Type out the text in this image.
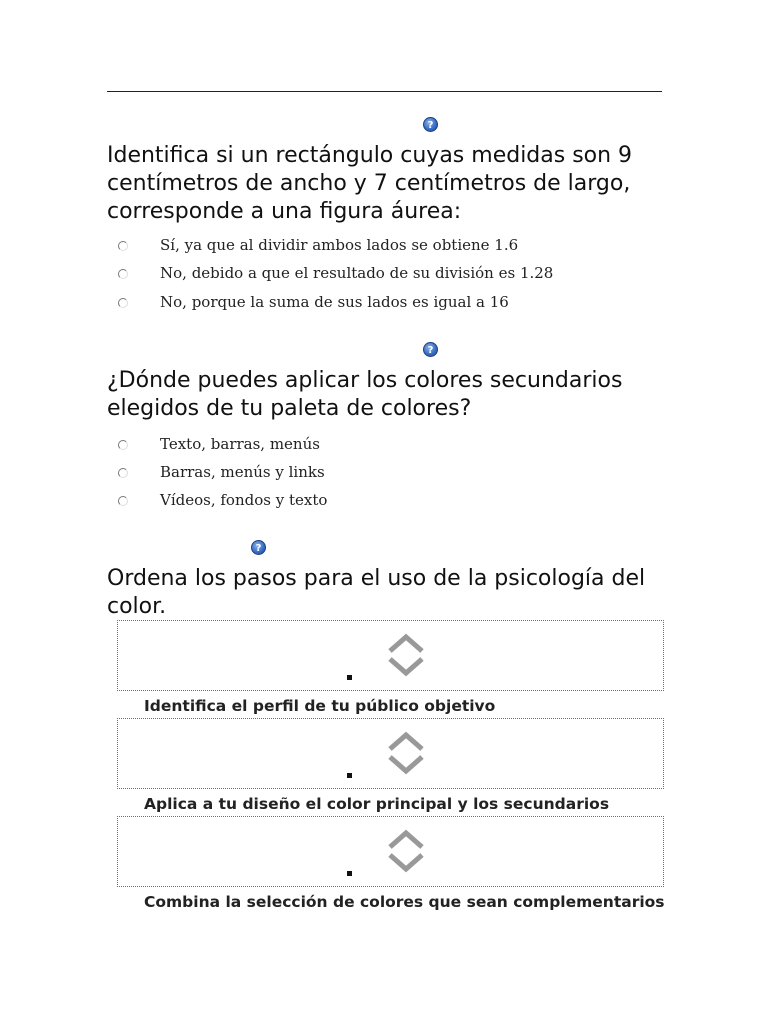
?
Identifica si un rectángulo cuyas medidas son 9 centímetros de ancho y 7 centímetros de largo, corresponde a una figura áurea:
Sí, ya que al dividir ambos lados se obtiene 1.6
No, debido a que el resultado de su división es 1.28
No, porque la suma de sus lados es igual a 16
?
¿Dónde puedes aplicar los colores secundarios elegidos de tu paleta de colores?
Texto, barras, menús
Barras, menús y links
Vídeos, fondos y texto
?
Ordena los pasos para el uso de la psicología del color.
Identifica el perfil de tu público objetivo
Aplica a tu diseño el color principal y los secundarios
Combina la selección de colores que sean complementarios
